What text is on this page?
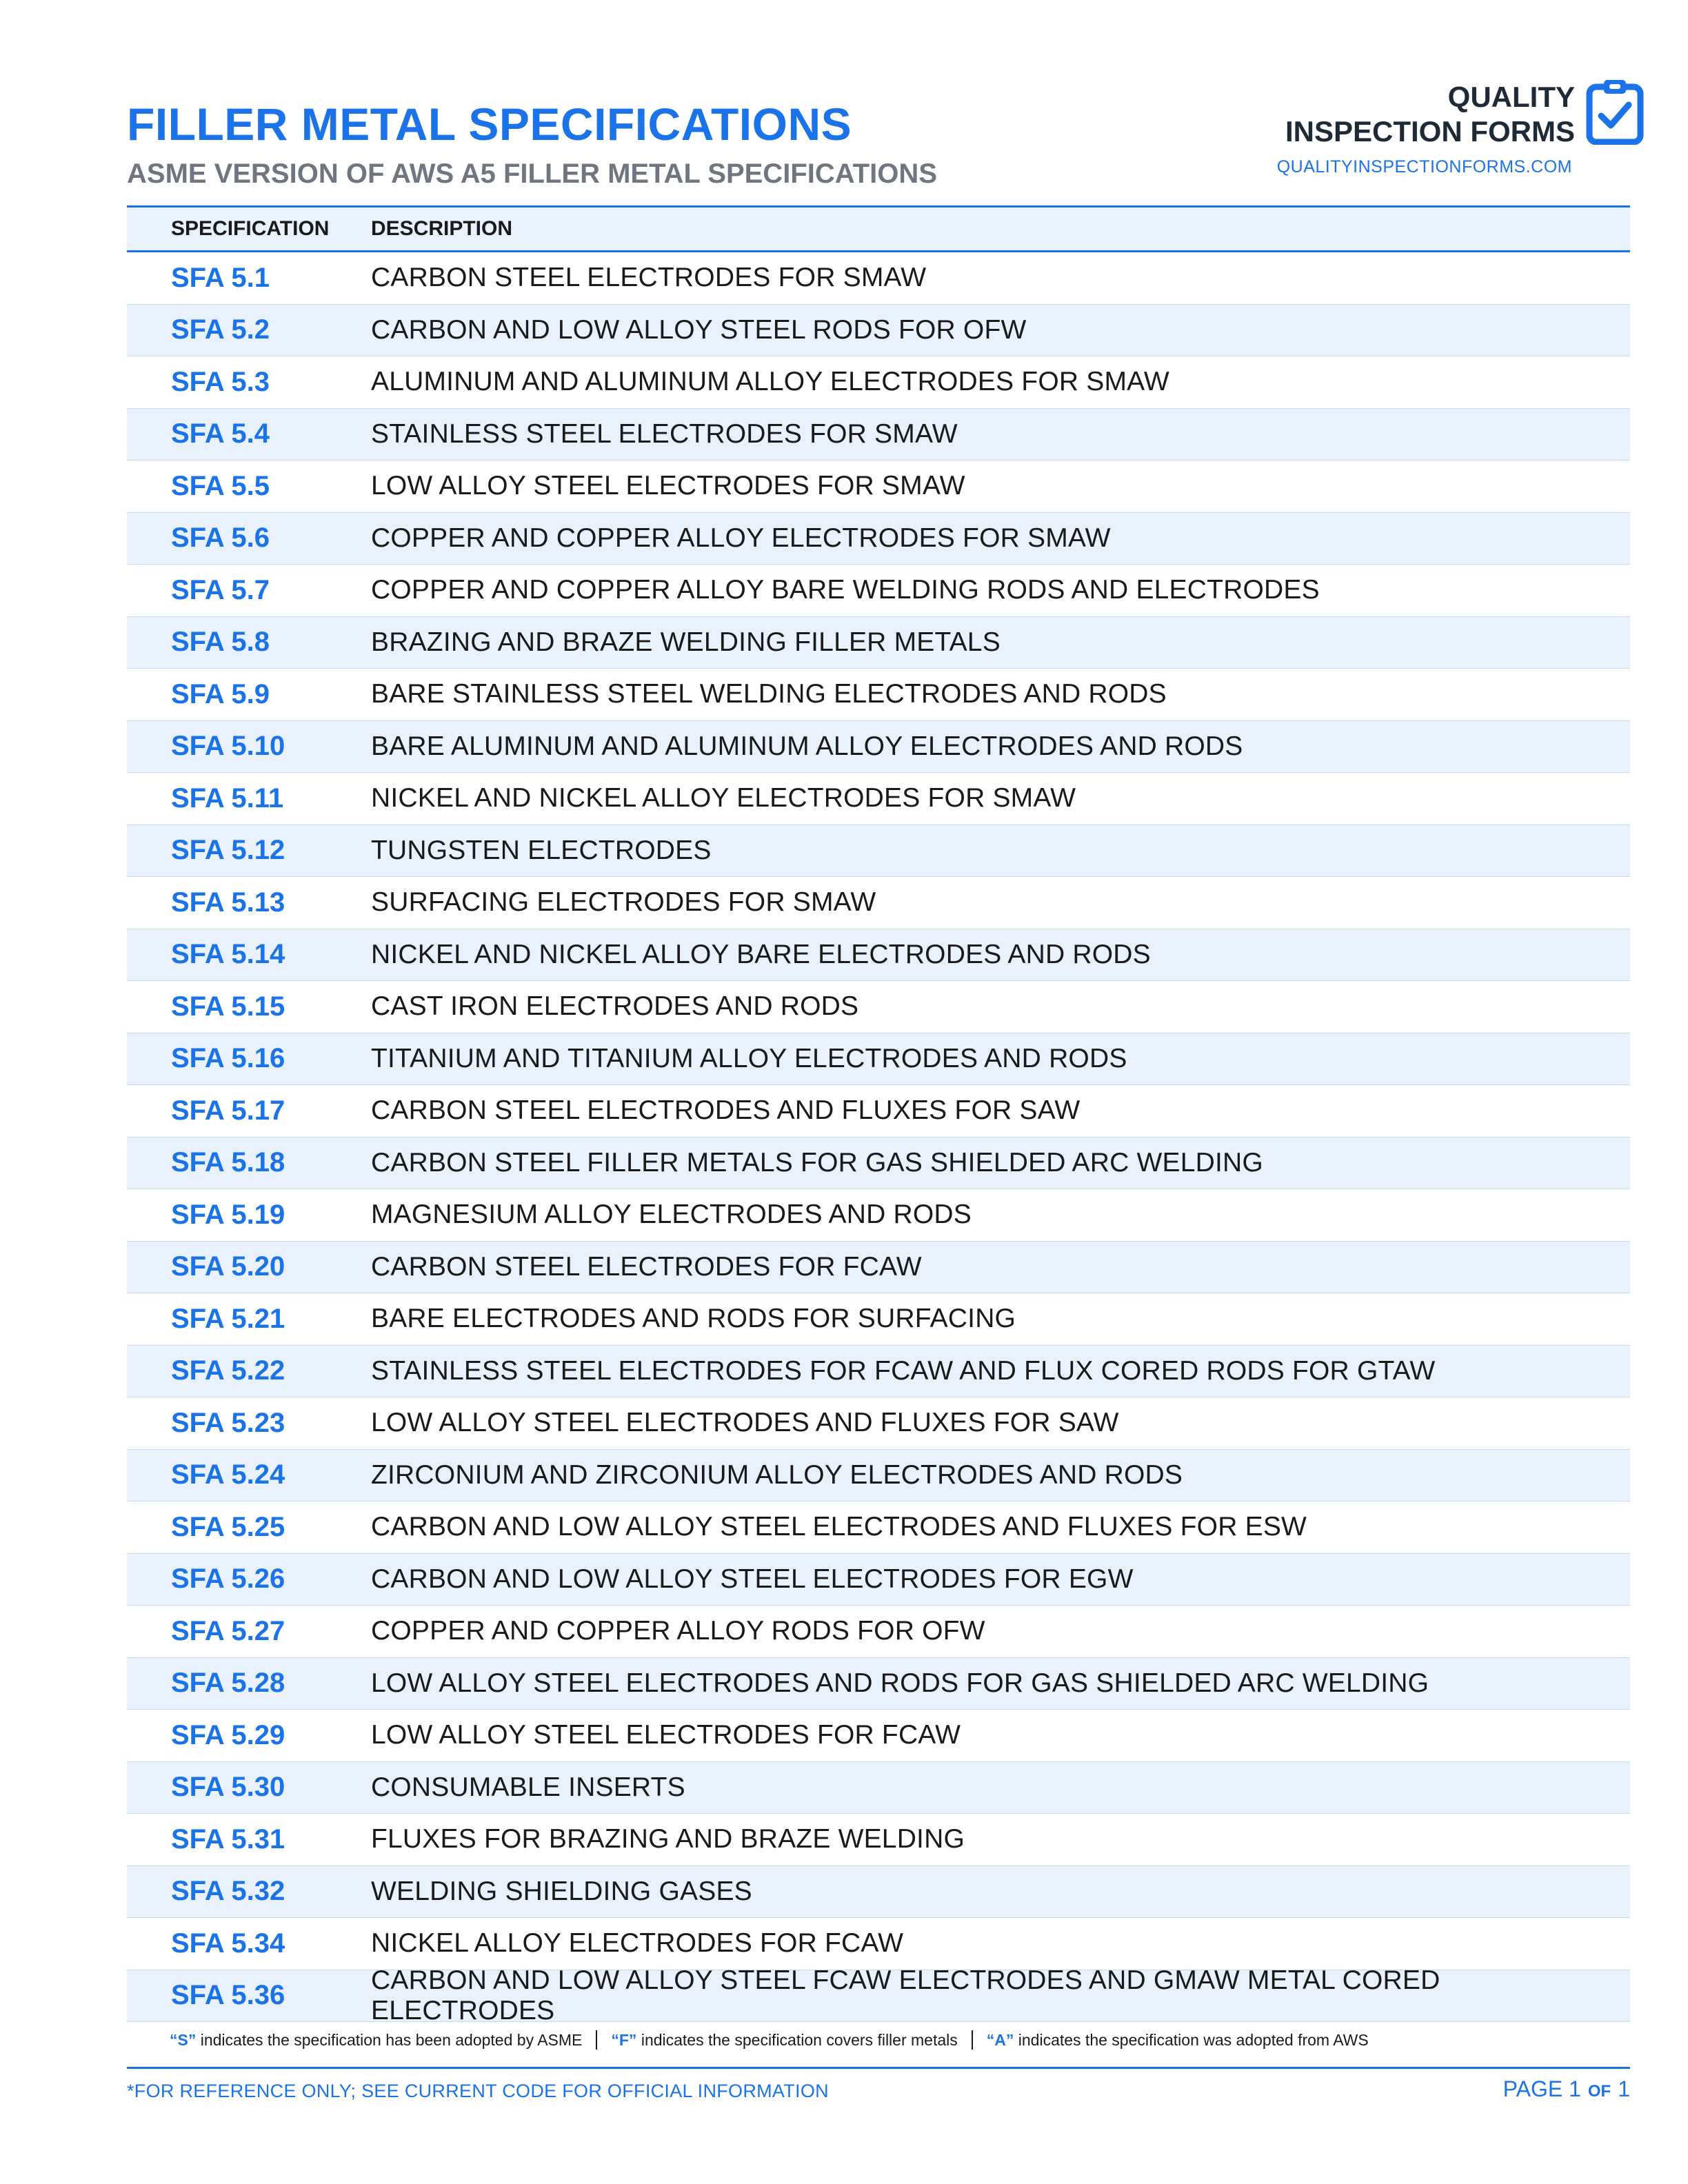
FILLER METAL SPECIFICATIONS
ASME VERSION OF AWS A5 FILLER METAL SPECIFICATIONS
QUALITY
INSPECTION FORMS
QUALITYINSPECTIONFORMS.COM
SPECIFICATION	DESCRIPTION
SFA 5.1	CARBON STEEL ELECTRODES FOR SMAW
SFA 5.2	CARBON AND LOW ALLOY STEEL RODS FOR OFW
SFA 5.3	ALUMINUM AND ALUMINUM ALLOY ELECTRODES FOR SMAW
SFA 5.4	STAINLESS STEEL ELECTRODES FOR SMAW
SFA 5.5	LOW ALLOY STEEL ELECTRODES FOR SMAW
SFA 5.6	COPPER AND COPPER ALLOY ELECTRODES FOR SMAW
SFA 5.7	COPPER AND COPPER ALLOY BARE WELDING RODS AND ELECTRODES
SFA 5.8	BRAZING AND BRAZE WELDING FILLER METALS
SFA 5.9	BARE STAINLESS STEEL WELDING ELECTRODES AND RODS
SFA 5.10	BARE ALUMINUM AND ALUMINUM ALLOY ELECTRODES AND RODS
SFA 5.11	NICKEL AND NICKEL ALLOY ELECTRODES FOR SMAW
SFA 5.12	TUNGSTEN ELECTRODES
SFA 5.13	SURFACING ELECTRODES FOR SMAW
SFA 5.14	NICKEL AND NICKEL ALLOY BARE ELECTRODES AND RODS
SFA 5.15	CAST IRON ELECTRODES AND RODS
SFA 5.16	TITANIUM AND TITANIUM ALLOY ELECTRODES AND RODS
SFA 5.17	CARBON STEEL ELECTRODES AND FLUXES FOR SAW
SFA 5.18	CARBON STEEL FILLER METALS FOR GAS SHIELDED ARC WELDING
SFA 5.19	MAGNESIUM ALLOY ELECTRODES AND RODS
SFA 5.20	CARBON STEEL ELECTRODES FOR FCAW
SFA 5.21	BARE ELECTRODES AND RODS FOR SURFACING
SFA 5.22	STAINLESS STEEL ELECTRODES FOR FCAW AND FLUX CORED RODS FOR GTAW
SFA 5.23	LOW ALLOY STEEL ELECTRODES AND FLUXES FOR SAW
SFA 5.24	ZIRCONIUM AND ZIRCONIUM ALLOY ELECTRODES AND RODS
SFA 5.25	CARBON AND LOW ALLOY STEEL ELECTRODES AND FLUXES FOR ESW
SFA 5.26	CARBON AND LOW ALLOY STEEL ELECTRODES FOR EGW
SFA 5.27	COPPER AND COPPER ALLOY RODS FOR OFW
SFA 5.28	LOW ALLOY STEEL ELECTRODES AND RODS FOR GAS SHIELDED ARC WELDING
SFA 5.29	LOW ALLOY STEEL ELECTRODES FOR FCAW
SFA 5.30	CONSUMABLE INSERTS
SFA 5.31	FLUXES FOR BRAZING AND BRAZE WELDING
SFA 5.32	WELDING SHIELDING GASES
SFA 5.34	NICKEL ALLOY ELECTRODES FOR FCAW
SFA 5.36	CARBON AND LOW ALLOY STEEL FCAW ELECTRODES AND GMAW METAL CORED ELECTRODES
“S” indicates the specification has been adopted by ASME “F” indicates the specification covers filler metals “A” indicates the specification was adopted from AWS
*FOR REFERENCE ONLY; SEE CURRENT CODE FOR OFFICIAL INFORMATION	PAGE 1 OF 1
